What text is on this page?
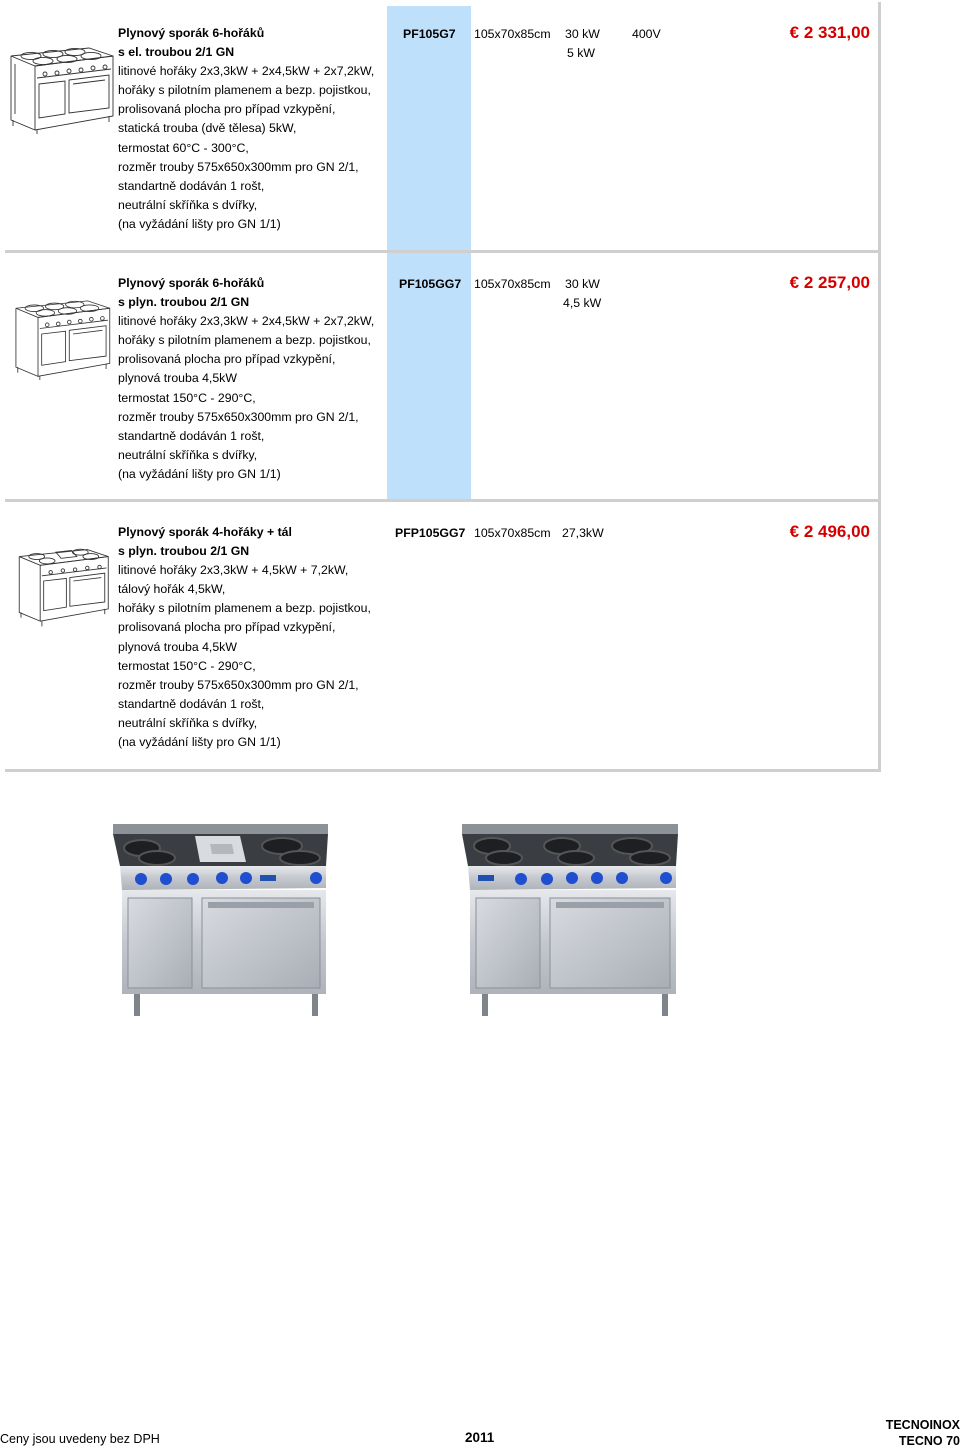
Plynový sporák 6-hořáků
s el. troubou 2/1 GN
litinové hořáky 2x3,3kW + 2x4,5kW + 2x7,2kW,
hořáky s pilotním plamenem a bezp. pojistkou,
prolisovaná plocha pro případ vzkypění,
statická trouba (dvě tělesa) 5kW,
termostat 60°C - 300°C,
rozměr trouby 575x650x300mm pro GN 2/1,
standartně dodáván 1 rošt,
neutrální skříňka s dvířky,
(na vyžádání lišty pro GN 1/1)
PF105G7 105x70x85cm 30 kW
5 kW
400V	€ 2 331,00
Plynový sporák 6-hořáků
s plyn. troubou 2/1 GN
litinové hořáky 2x3,3kW + 2x4,5kW + 2x7,2kW,
hořáky s pilotním plamenem a bezp. pojistkou,
prolisovaná plocha pro případ vzkypění,
plynová trouba 4,5kW
termostat 150°C - 290°C,
rozměr trouby 575x650x300mm pro GN 2/1,
standartně dodáván 1 rošt,
neutrální skříňka s dvířky,
(na vyžádání lišty pro GN 1/1)
PF105GG7 105x70x85cm 30 kW
4,5 kW
€ 2 257,00
Plynový sporák 4-hořáky + tál
s plyn. troubou 2/1 GN
litinové hořáky 2x3,3kW + 4,5kW + 7,2kW,
tálový hořák 4,5kW,
hořáky s pilotním plamenem a bezp. pojistkou,
prolisovaná plocha pro případ vzkypění,
plynová trouba 4,5kW
termostat 150°C - 290°C,
rozměr trouby 575x650x300mm pro GN 2/1,
standartně dodáván 1 rošt,
neutrální skříňka s dvířky,
(na vyžádání lišty pro GN 1/1)
PFP105GG7 105x70x85cm 27,3kW	€ 2 496,00
Ceny jsou uvedeny bez DPH	2011
TECNOINOX
TECNO 70
